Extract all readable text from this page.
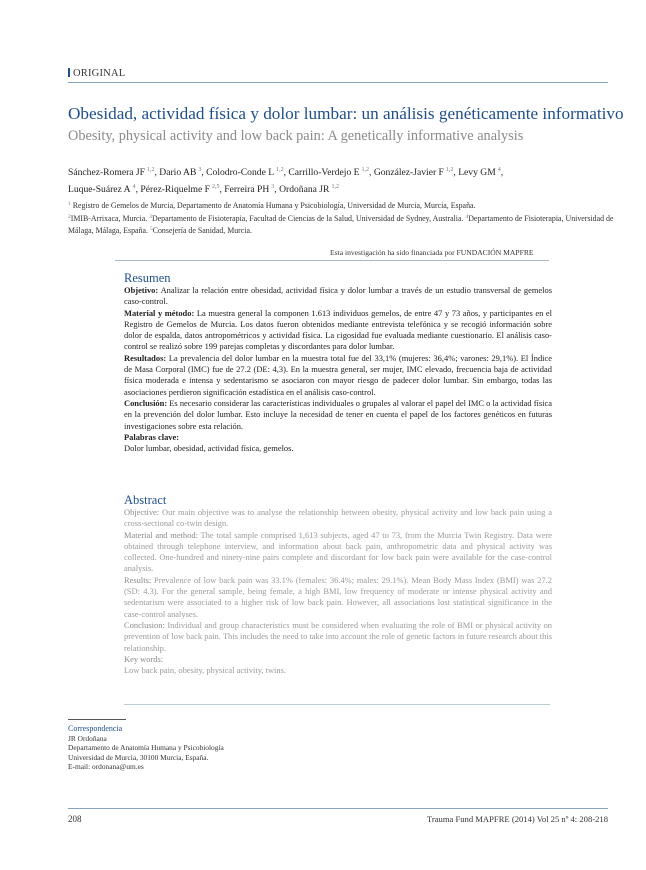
ORIGINAL
Obesidad, actividad física y dolor lumbar: un análisis genéticamente informativo
Obesity, physical activity and low back pain: A genetically informative analysis
Sánchez-Romera JF $^{1,2}$, Dario AB $^3$, Colodro-Conde L $^{1,2}$, Carrillo-Verdejo E $^{1,2}$, González-Javier F $^{1,2}$, Levy GM $^4$,
Luque-Suárez A $^4$, Pérez-Riquelme F $^{2,5}$, Ferreira PH $^3$, Ordoñana JR $^{1,2}$
$^1$ Registro de Gemelos de Murcia, Departamento de Anatomía Humana y Psicobiología, Universidad de Murcia, Murcia, España.
$^2$IMIB-Arrixaca, Murcia. $^3$Departamento de Fisioterapia, Facultad de Ciencias de la Salud, Universidad de Sydney, Australia. $^4$Departamento de Fisioterapia, Universidad de Málaga, Málaga, España. $^5$Consejería de Sanidad, Murcia.
Esta investigación ha sido financiada por FUNDACIÓN MAPFRE
Resumen

Objetivo: Analizar la relación entre obesidad, actividad física y dolor lumbar a través de un estudio transversal de gemelos caso-control.

Material y método: La muestra general la componen 1.613 individuos gemelos, de entre 47 y 73 años, y participantes en el Registro de Gemelos de Murcia. Los datos fueron obtenidos mediante entrevista telefónica y se recogió información sobre dolor de espalda, datos antropométricos y actividad física. La cigosidad fue evaluada mediante cuestionario. El análisis caso-control se realizó sobre 199 parejas completas y discordantes para dolor lumbar.

Resultados: La prevalencia del dolor lumbar en la muestra total fue del 33,1% (mujeres: 36,4%; varones: 29,1%). El Índice de Masa Corporal (IMC) fue de 27.2 (DE: 4,3). En la muestra general, ser mujer, IMC elevado, frecuencia baja de actividad física moderada e intensa y sedentarismo se asociaron con mayor riesgo de padecer dolor lumbar. Sin embargo, todas las asociaciones perdieron significación estadística en el análisis caso-control.

Conclusión: Es necesario considerar las características individuales o grupales al valorar el papel del IMC o la actividad física en la prevención del dolor lumbar. Esto incluye la necesidad de tener en cuenta el papel de los factores genéticos en futuras investigaciones sobre esta relación.

Palabras clave:

Dolor lumbar, obesidad, actividad física, gemelos.

Abstract

Objective: Our main objective was to analyse the relationship between obesity, physical activity and low back pain using a cross-sectional co-twin design.

Material and method: The total sample comprised 1,613 subjects, aged 47 to 73, from the Murcia Twin Registry. Data were obtained through telephone interview, and information about back pain, anthropometric data and physical activity was collected. One-hundred and ninety-nine pairs complete and discordant for low back pain were available for the case-control analysis.

Results: Prevalence of low back pain was 33.1% (females: 36.4%; males: 29.1%). Mean Body Mass Index (BMI) was 27.2 (SD: 4.3). For the general sample, being female, a high BMI, low frequency of moderate or intense physical activity and sedentarism were associated to a higher risk of low back pain. However, all associations lost statistical significance in the case-control analyses.

Conclusion: Individual and group characteristics must be considered when evaluating the role of BMI or physical activity on prevention of low back pain. This includes the need to take into account the role of genetic factors in future research about this relationship.

Key words:

Low back pain, obesity, physical activity, twins.

Correspondencia
JR Ordoñana
Departamento de Anatomía Humana y Psicobiología
Universidad de Murcia, 30100 Murcia, España.
E-mail: ordonana@um.es
208	Trauma Fund MAPFRE (2014) Vol 25 nº 4: 208-218
